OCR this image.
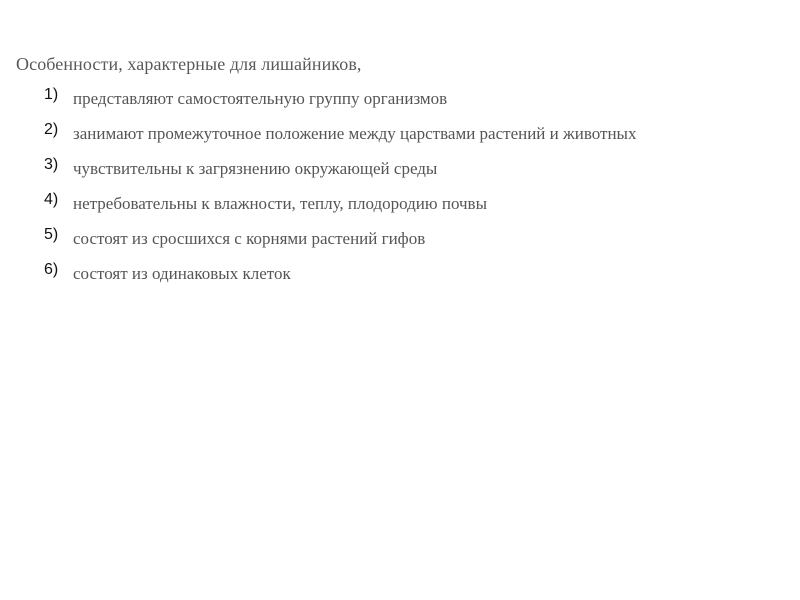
Особенности, характерные для лишайников,
1) представляют самостоятельную группу организмов
2) занимают промежуточное положение между царствами растений и животных
3) чувствительны к загрязнению окружающей среды
4) нетребовательны к влажности, теплу, плодородию почвы
5) состоят из сросшихся с корнями растений гифов
6) состоят из одинаковых клеток
